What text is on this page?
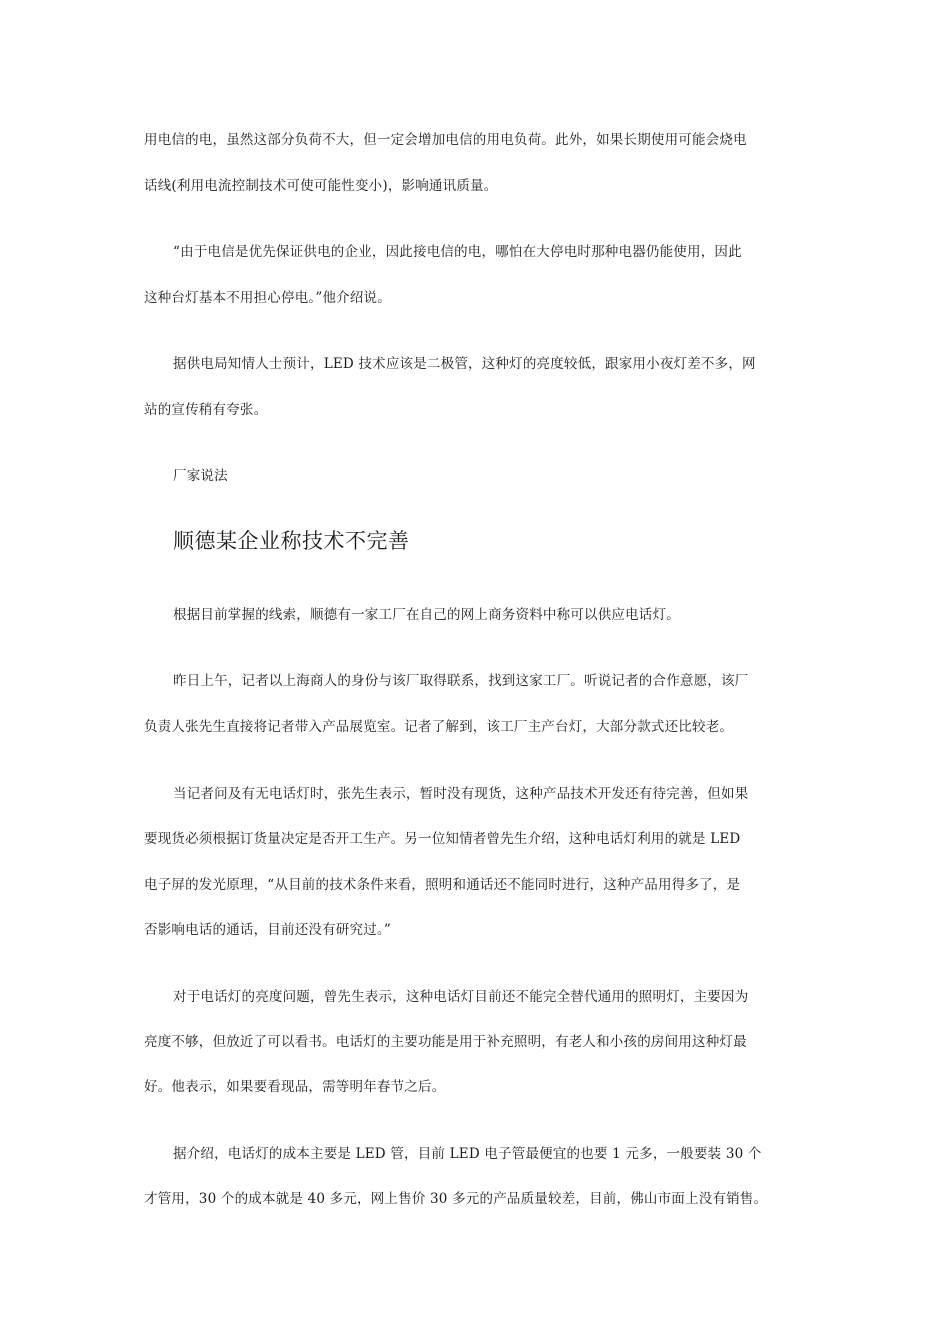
用电信的电，虽然这部分负荷不大，但一定会增加电信的用电负荷。此外，如果长期使用可能会烧电
话线(利用电流控制技术可使可能性变小)，影响通讯质量。
“由于电信是优先保证供电的企业，因此接电信的电，哪怕在大停电时那种电器仍能使用，因此
这种台灯基本不用担心停电。”他介绍说。
据供电局知情人士预计，LED 技术应该是二极管，这种灯的亮度较低，跟家用小夜灯差不多，网
站的宣传稍有夸张。
厂家说法
顺德某企业称技术不完善
根据目前掌握的线索，顺德有一家工厂在自己的网上商务资料中称可以供应电话灯。
昨日上午，记者以上海商人的身份与该厂取得联系，找到这家工厂。听说记者的合作意愿，该厂
负责人张先生直接将记者带入产品展览室。记者了解到，该工厂主产台灯，大部分款式还比较老。
当记者问及有无电话灯时，张先生表示，暂时没有现货，这种产品技术开发还有待完善，但如果
要现货必须根据订货量决定是否开工生产。另一位知情者曾先生介绍，这种电话灯利用的就是 LED
电子屏的发光原理，“从目前的技术条件来看，照明和通话还不能同时进行，这种产品用得多了，是
否影响电话的通话，目前还没有研究过。”
对于电话灯的亮度问题，曾先生表示，这种电话灯目前还不能完全替代通用的照明灯，主要因为
亮度不够，但放近了可以看书。电话灯的主要功能是用于补充照明，有老人和小孩的房间用这种灯最
好。他表示，如果要看现品，需等明年春节之后。
据介绍，电话灯的成本主要是 LED 管，目前 LED 电子管最便宜的也要 1 元多，一般要装 30 个
才管用，30 个的成本就是 40 多元，网上售价 30 多元的产品质量较差，目前，佛山市面上没有销售。
